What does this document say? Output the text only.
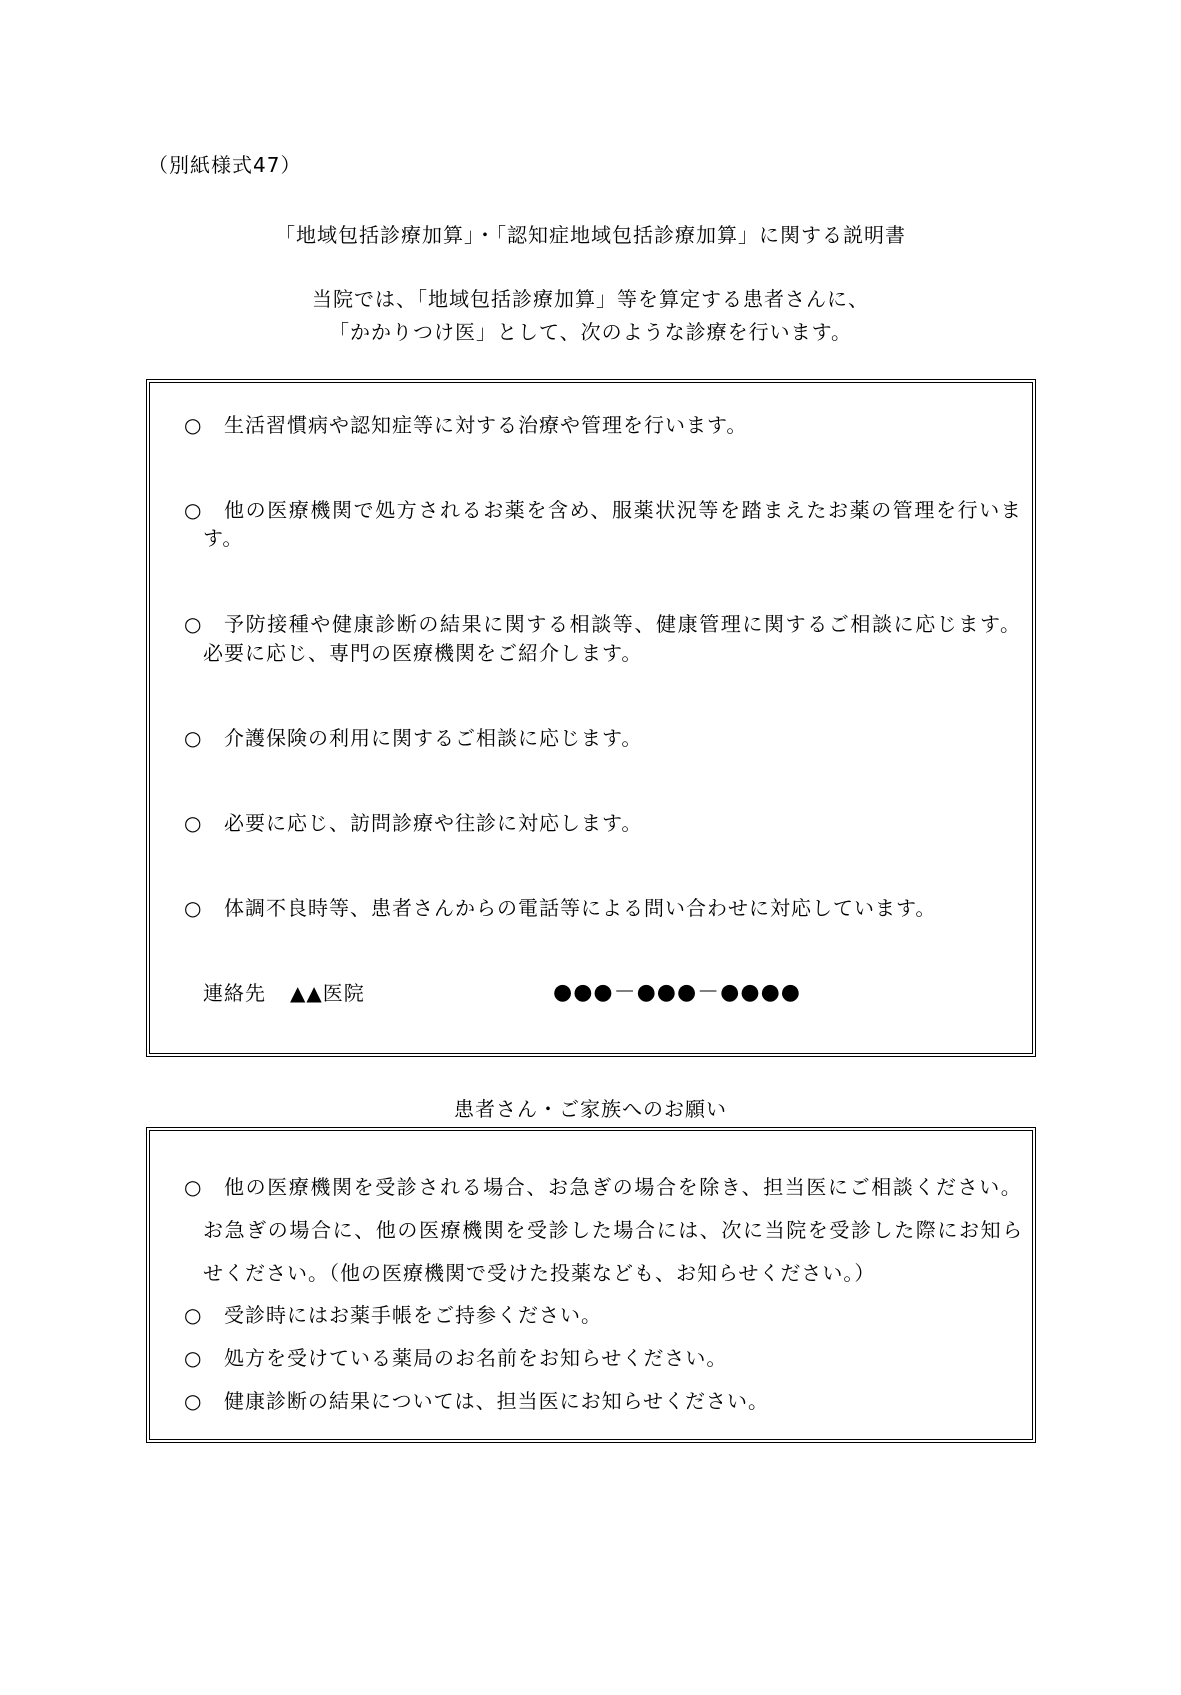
（別紙様式47）
「地域包括診療加算」・「認知症地域包括診療加算」に関する説明書
当院では、「地域包括診療加算」等を算定する患者さんに、
「かかりつけ医」として、次のような診療を行います。
○ 生活習慣病や認知症等に対する治療や管理を行います。
○ 他の医療機関で処方されるお薬を含め、服薬状況等を踏まえたお薬の管理を行いま
す。
○ 予防接種や健康診断の結果に関する相談等、健康管理に関するご相談に応じます。
必要に応じ、専門の医療機関をご紹介します。
○ 介護保険の利用に関するご相談に応じます。
○ 必要に応じ、訪問診療や往診に対応します。
○ 体調不良時等、患者さんからの電話等による問い合わせに対応しています。
連絡先 ▲▲医院	●●●－●●●－●●●●
患者さん・ご家族へのお願い
○ 他の医療機関を受診される場合、お急ぎの場合を除き、担当医にご相談ください。
お急ぎの場合に、他の医療機関を受診した場合には、次に当院を受診した際にお知ら
せください。（他の医療機関で受けた投薬なども、お知らせください。）
○ 受診時にはお薬手帳をご持参ください。
○ 処方を受けている薬局のお名前をお知らせください。
○ 健康診断の結果については、担当医にお知らせください。
